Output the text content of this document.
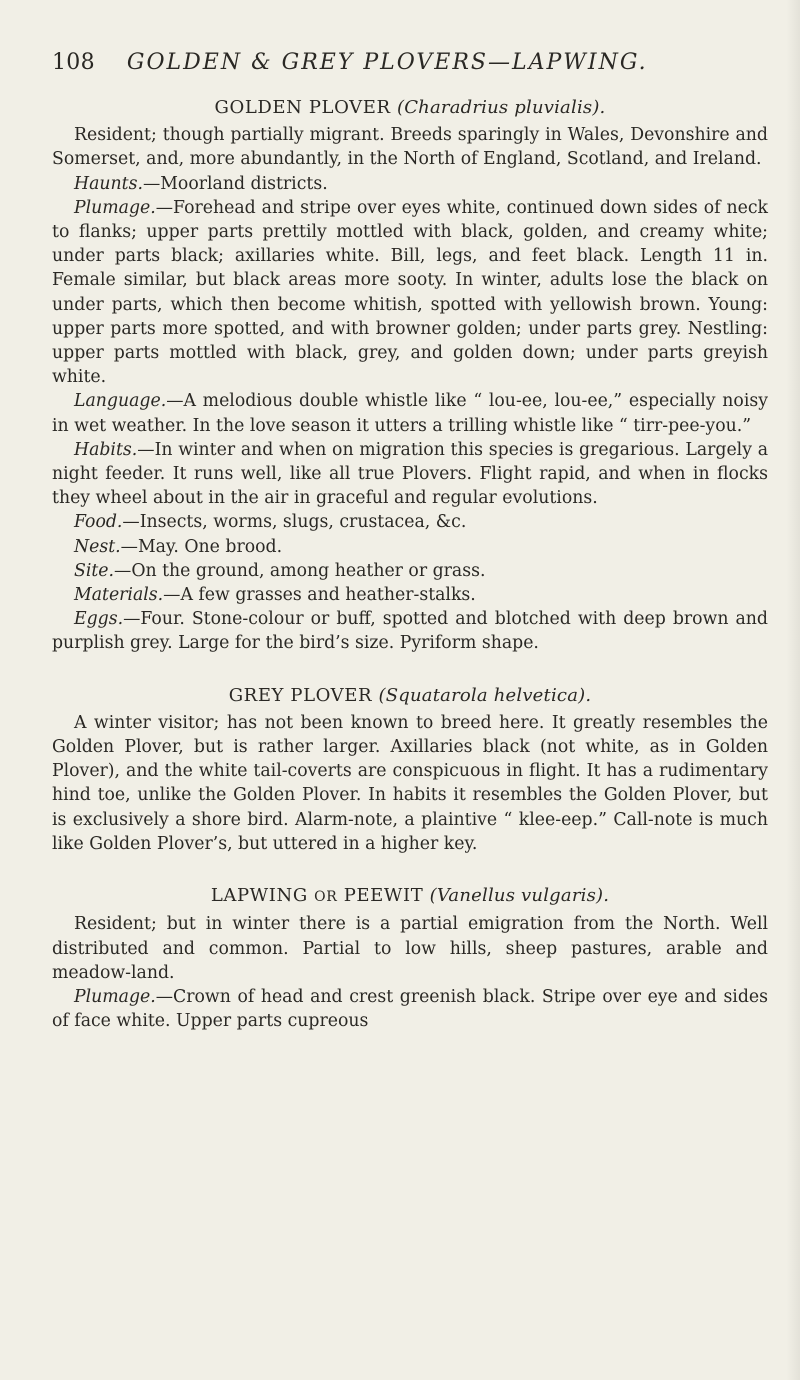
108 GOLDEN & GREY PLOVERS—LAPWING.
GOLDEN PLOVER (Charadrius pluvialis).

Resident; though partially migrant. Breeds sparingly in Wales, Devonshire and Somerset, and, more abundantly, in the North of England, Scotland, and Ireland.

Haunts.—Moorland districts.

Plumage.—Forehead and stripe over eyes white, continued down sides of neck to flanks; upper parts prettily mottled with black, golden, and creamy white; under parts black; axillaries white. Bill, legs, and feet black. Length 11 in. Female similar, but black areas more sooty. In winter, adults lose the black on under parts, which then become whitish, spotted with yellowish brown. Young: upper parts more spotted, and with browner golden; under parts grey. Nestling: upper parts mottled with black, grey, and golden down; under parts greyish white.

Language.—A melodious double whistle like “ lou-ee, lou-ee,” especially noisy in wet weather. In the love season it utters a trilling whistle like “ tirr-pee-you.”

Habits.—In winter and when on migration this species is gregarious. Largely a night feeder. It runs well, like all true Plovers. Flight rapid, and when in flocks they wheel about in the air in graceful and regular evolutions.

Food.—Insects, worms, slugs, crustacea, &c.

Nest.—May. One brood.

Site.—On the ground, among heather or grass.

Materials.—A few grasses and heather-stalks.

Eggs.—Four. Stone-colour or buff, spotted and blotched with deep brown and purplish grey. Large for the bird’s size. Pyriform shape.

GREY PLOVER (Squatarola helvetica).

A winter visitor; has not been known to breed here. It greatly resembles the Golden Plover, but is rather larger. Axillaries black (not white, as in Golden Plover), and the white tail-coverts are conspicuous in flight. It has a rudimentary hind toe, unlike the Golden Plover. In habits it resembles the Golden Plover, but is exclusively a shore bird. Alarm-note, a plaintive “ klee-eep.” Call-note is much like Golden Plover’s, but uttered in a higher key.

LAPWING OR PEEWIT (Vanellus vulgaris).

Resident; but in winter there is a partial emigration from the North. Well distributed and common. Partial to low hills, sheep pastures, arable and meadow-land.

Plumage.—Crown of head and crest greenish black. Stripe over eye and sides of face white. Upper parts cupreous
